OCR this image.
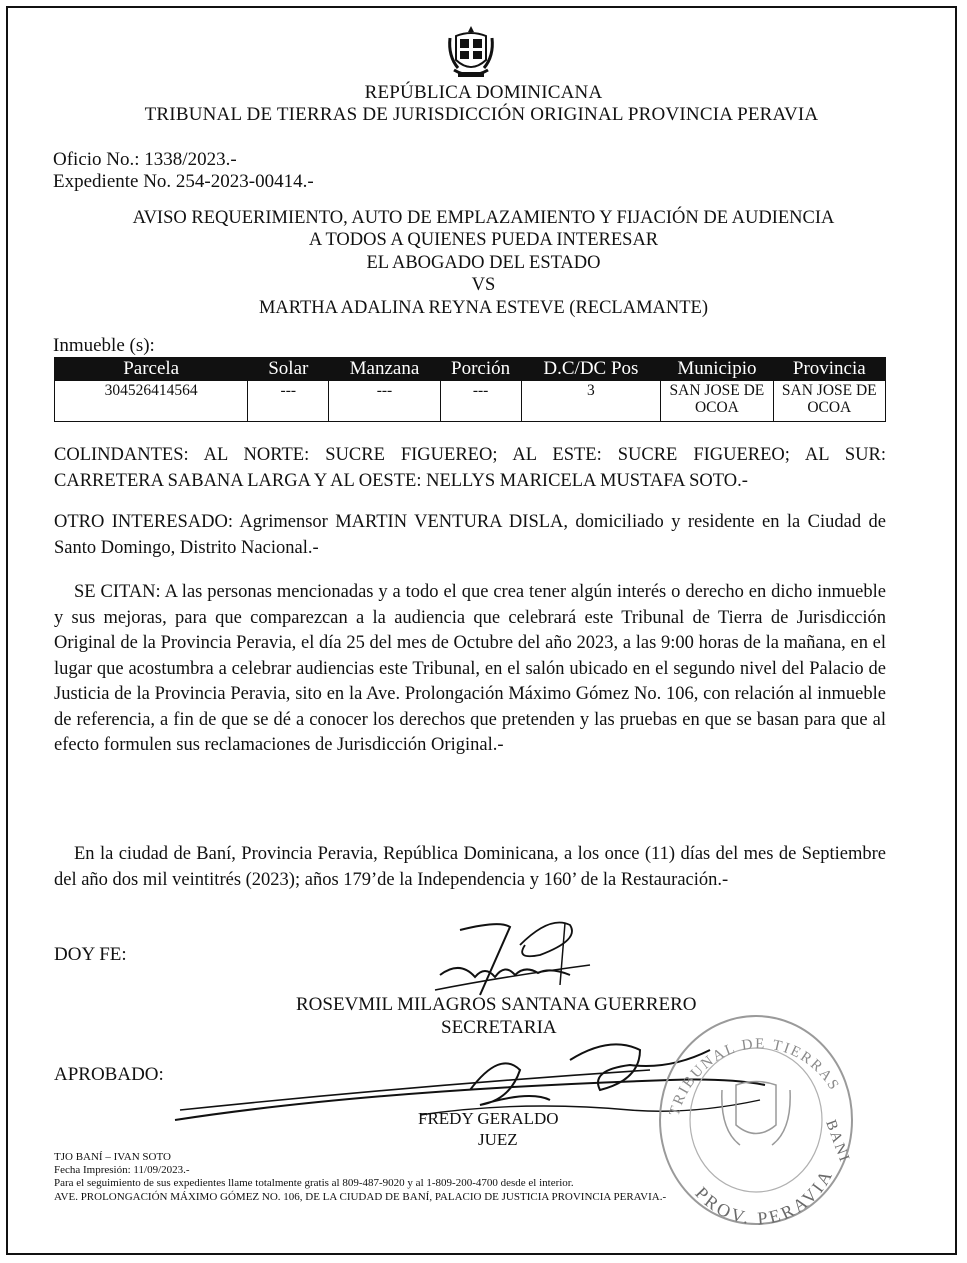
REPÚBLICA DOMINICANA
TRIBUNAL DE TIERRAS DE JURISDICCIÓN ORIGINAL PROVINCIA PERAVIA
Oficio No.: 1338/2023.-
Expediente No. 254-2023-00414.-
AVISO REQUERIMIENTO, AUTO DE EMPLAZAMIENTO Y FIJACIÓN DE AUDIENCIA
A TODOS A QUIENES PUEDA INTERESAR
EL ABOGADO DEL ESTADO
VS
MARTHA ADALINA REYNA ESTEVE (RECLAMANTE)
Inmueble (s):
Parcela	Solar	Manzana	Porción	D.C/DC Pos	Municipio	Provincia
304526414564	---	---	---	3	SAN JOSE DE OCOA	SAN JOSE DE OCOA
COLINDANTES: AL NORTE: SUCRE FIGUEREO; AL ESTE: SUCRE FIGUEREO; AL SUR: CARRETERA SABANA LARGA Y AL OESTE: NELLYS MARICELA MUSTAFA SOTO.-
OTRO INTERESADO: Agrimensor MARTIN VENTURA DISLA, domiciliado y residente en la Ciudad de Santo Domingo, Distrito Nacional.-
SE CITAN: A las personas mencionadas y a todo el que crea tener algún interés o derecho en dicho inmueble y sus mejoras, para que comparezcan a la audiencia que celebrará este Tribunal de Tierra de Jurisdicción Original de la Provincia Peravia, el día 25 del mes de Octubre del año 2023, a las 9:00 horas de la mañana, en el lugar que acostumbra a celebrar audiencias este Tribunal, en el salón ubicado en el segundo nivel del Palacio de Justicia de la Provincia Peravia, sito en la Ave. Prolongación Máximo Gómez No. 106, con relación al inmueble de referencia, a fin de que se dé a conocer los derechos que pretenden y las pruebas en que se basan para que al efecto formulen sus reclamaciones de Jurisdicción Original.-
En la ciudad de Baní, Provincia Peravia, República Dominicana, a los once (11) días del mes de Septiembre del año dos mil veintitrés (2023); años 179’de la Independencia y 160’ de la Restauración.-
DOY FE:
ROSEVMIL MILAGROS SANTANA GUERRERO
SECRETARIA
APROBADO:
FREDY GERALDO
JUEZ
TRIBUNAL DE TIERRAS
BANI
PROV. PERAVIA
TJO BANÍ – IVAN SOTO
Fecha Impresión: 11/09/2023.-
Para el seguimiento de sus expedientes llame totalmente gratis al 809-487-9020 y al 1-809-200-4700 desde el interior.
AVE. PROLONGACIÓN MÁXIMO GÓMEZ NO. 106, DE LA CIUDAD DE BANÍ, PALACIO DE JUSTICIA PROVINCIA PERAVIA.-
